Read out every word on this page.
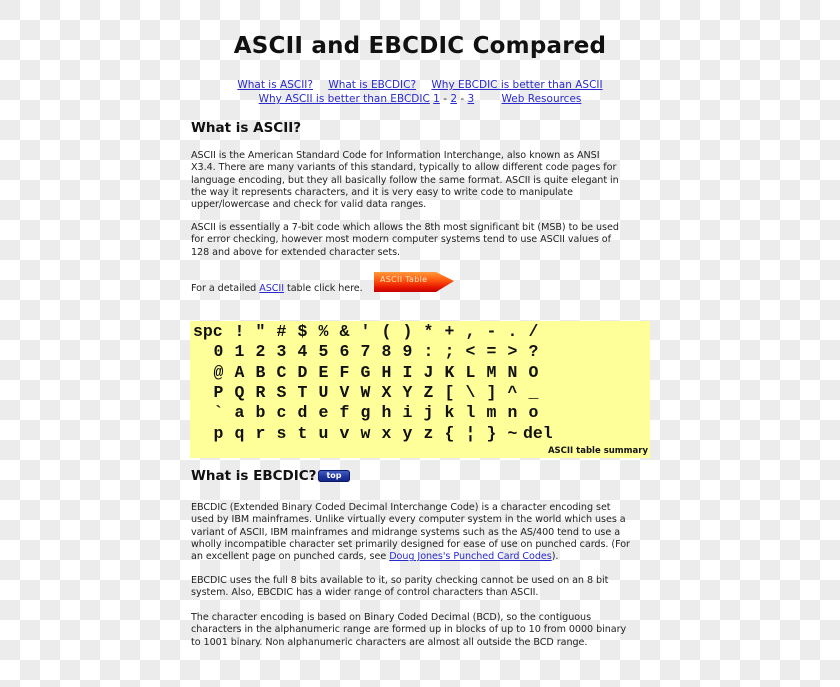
ASCII and EBCDIC Compared
What is ASCII? What is EBCDIC? Why EBCDIC is better than ASCII
Why ASCII is better than EBCDIC 1 - 2 - 3	Web Resources
What is ASCII?

ASCII is the American Standard Code for Information Interchange, also known as ANSI
X3.4. There are many variants of this standard, typically to allow different code pages for
language encoding, but they all basically follow the same format. ASCII is quite elegant in
the way it represents characters, and it is very easy to write code to manipulate
upper/lowercase and check for valid data ranges.

ASCII is essentially a 7-bit code which allows the 8th most significant bit (MSB) to be used
for error checking, however most modern computer systems tend to use ASCII values of
128 and above for extended character sets.

For a detailed ASCII table click here.

ASCII Table
spc ! " # $ % & ' ( ) * + , - . /
0 1 2 3 4 5 6 7 8 9 : ; < = > ?
@ A B C D E F G H I J K L M N O
P Q R S T U V W X Y Z [ \ ] ^ _
` a b c d e f g h i j k l m n o
p q r s t u v w x y z { ¦ } ~ del
ASCII table summary
What is EBCDIC?	top

EBCDIC (Extended Binary Coded Decimal Interchange Code) is a character encoding set
used by IBM mainframes. Unlike virtually every computer system in the world which uses a
variant of ASCII, IBM mainframes and midrange systems such as the AS/400 tend to use a
wholly incompatible character set primarily designed for ease of use on punched cards. (For
an excellent page on punched cards, see Doug Jones's Punched Card Codes).

EBCDIC uses the full 8 bits available to it, so parity checking cannot be used on an 8 bit
system. Also, EBCDIC has a wider range of control characters than ASCII.

The character encoding is based on Binary Coded Decimal (BCD), so the contiguous
characters in the alphanumeric range are formed up in blocks of up to 10 from 0000 binary
to 1001 binary. Non alphanumeric characters are almost all outside the BCD range.
